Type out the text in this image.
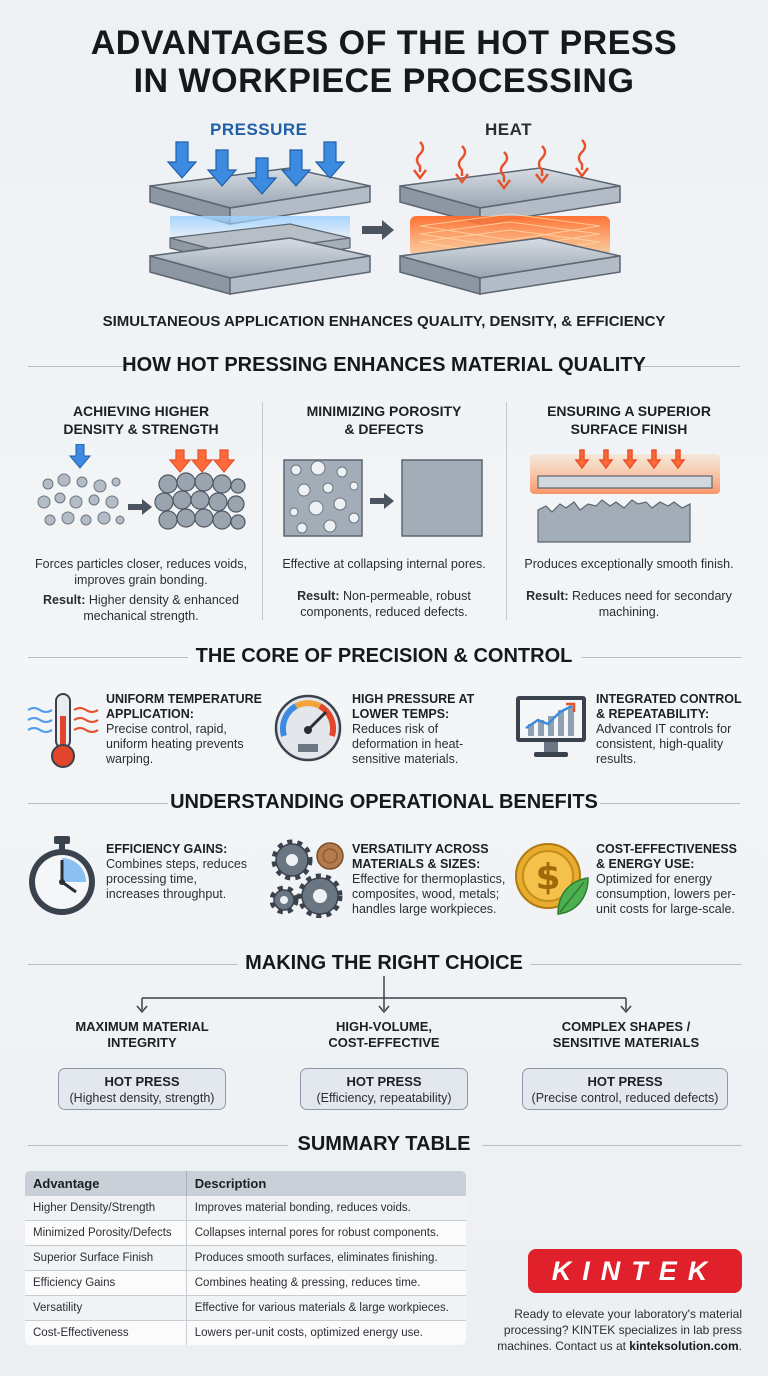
ADVANTAGES OF THE HOT PRESS
IN WORKPIECE PROCESSING
PRESSURE	HEAT
SIMULTANEOUS APPLICATION ENHANCES QUALITY, DENSITY, & EFFICIENCY
HOW HOT PRESSING ENHANCES MATERIAL QUALITY
ACHIEVING HIGHER
DENSITY & STRENGTH
Forces particles closer, reduces voids,
improves grain bonding.
Result: Higher density & enhanced
mechanical strength.
MINIMIZING POROSITY
& DEFECTS
Effective at collapsing internal pores.
Result: Non-permeable, robust
components, reduced defects.
ENSURING A SUPERIOR
SURFACE FINISH
Produces exceptionally smooth finish.
Result: Reduces need for secondary
machining.
THE CORE OF PRECISION & CONTROL
UNIFORM TEMPERATURE
APPLICATION:
Precise control, rapid,
uniform heating prevents
warping.
HIGH PRESSURE AT
LOWER TEMPS:
Reduces risk of
deformation in heat-
sensitive materials.
INTEGRATED CONTROL
& REPEATABILITY:
Advanced IT controls for
consistent, high-quality
results.
UNDERSTANDING OPERATIONAL BENEFITS
EFFICIENCY GAINS:
Combines steps, reduces
processing time,
increases throughput.
VERSATILITY ACROSS
MATERIALS & SIZES:
Effective for thermoplastics,
composites, wood, metals;
handles large workpieces.
$
COST-EFFECTIVENESS
& ENERGY USE:
Optimized for energy
consumption, lowers per-
unit costs for large-scale.
MAKING THE RIGHT CHOICE
MAXIMUM MATERIAL
INTEGRITY
HOT PRESS
(Highest density, strength)
HIGH-VOLUME,
COST-EFFECTIVE
HOT PRESS
(Efficiency, repeatability)
COMPLEX SHAPES /
SENSITIVE MATERIALS
HOT PRESS
(Precise control, reduced defects)
SUMMARY TABLE
Advantage	Description
Higher Density/Strength	Improves material bonding, reduces voids.
Minimized Porosity/Defects	Collapses internal pores for robust components.
Superior Surface Finish	Produces smooth surfaces, eliminates finishing.
Efficiency Gains	Combines heating & pressing, reduces time.
Versatility	Effective for various materials & large workpieces.
Cost-Effectiveness	Lowers per-unit costs, optimized energy use.
KINTEK
Ready to elevate your laboratory's material
processing? KINTEK specializes in lab press
machines. Contact us at kinteksolution.com.
